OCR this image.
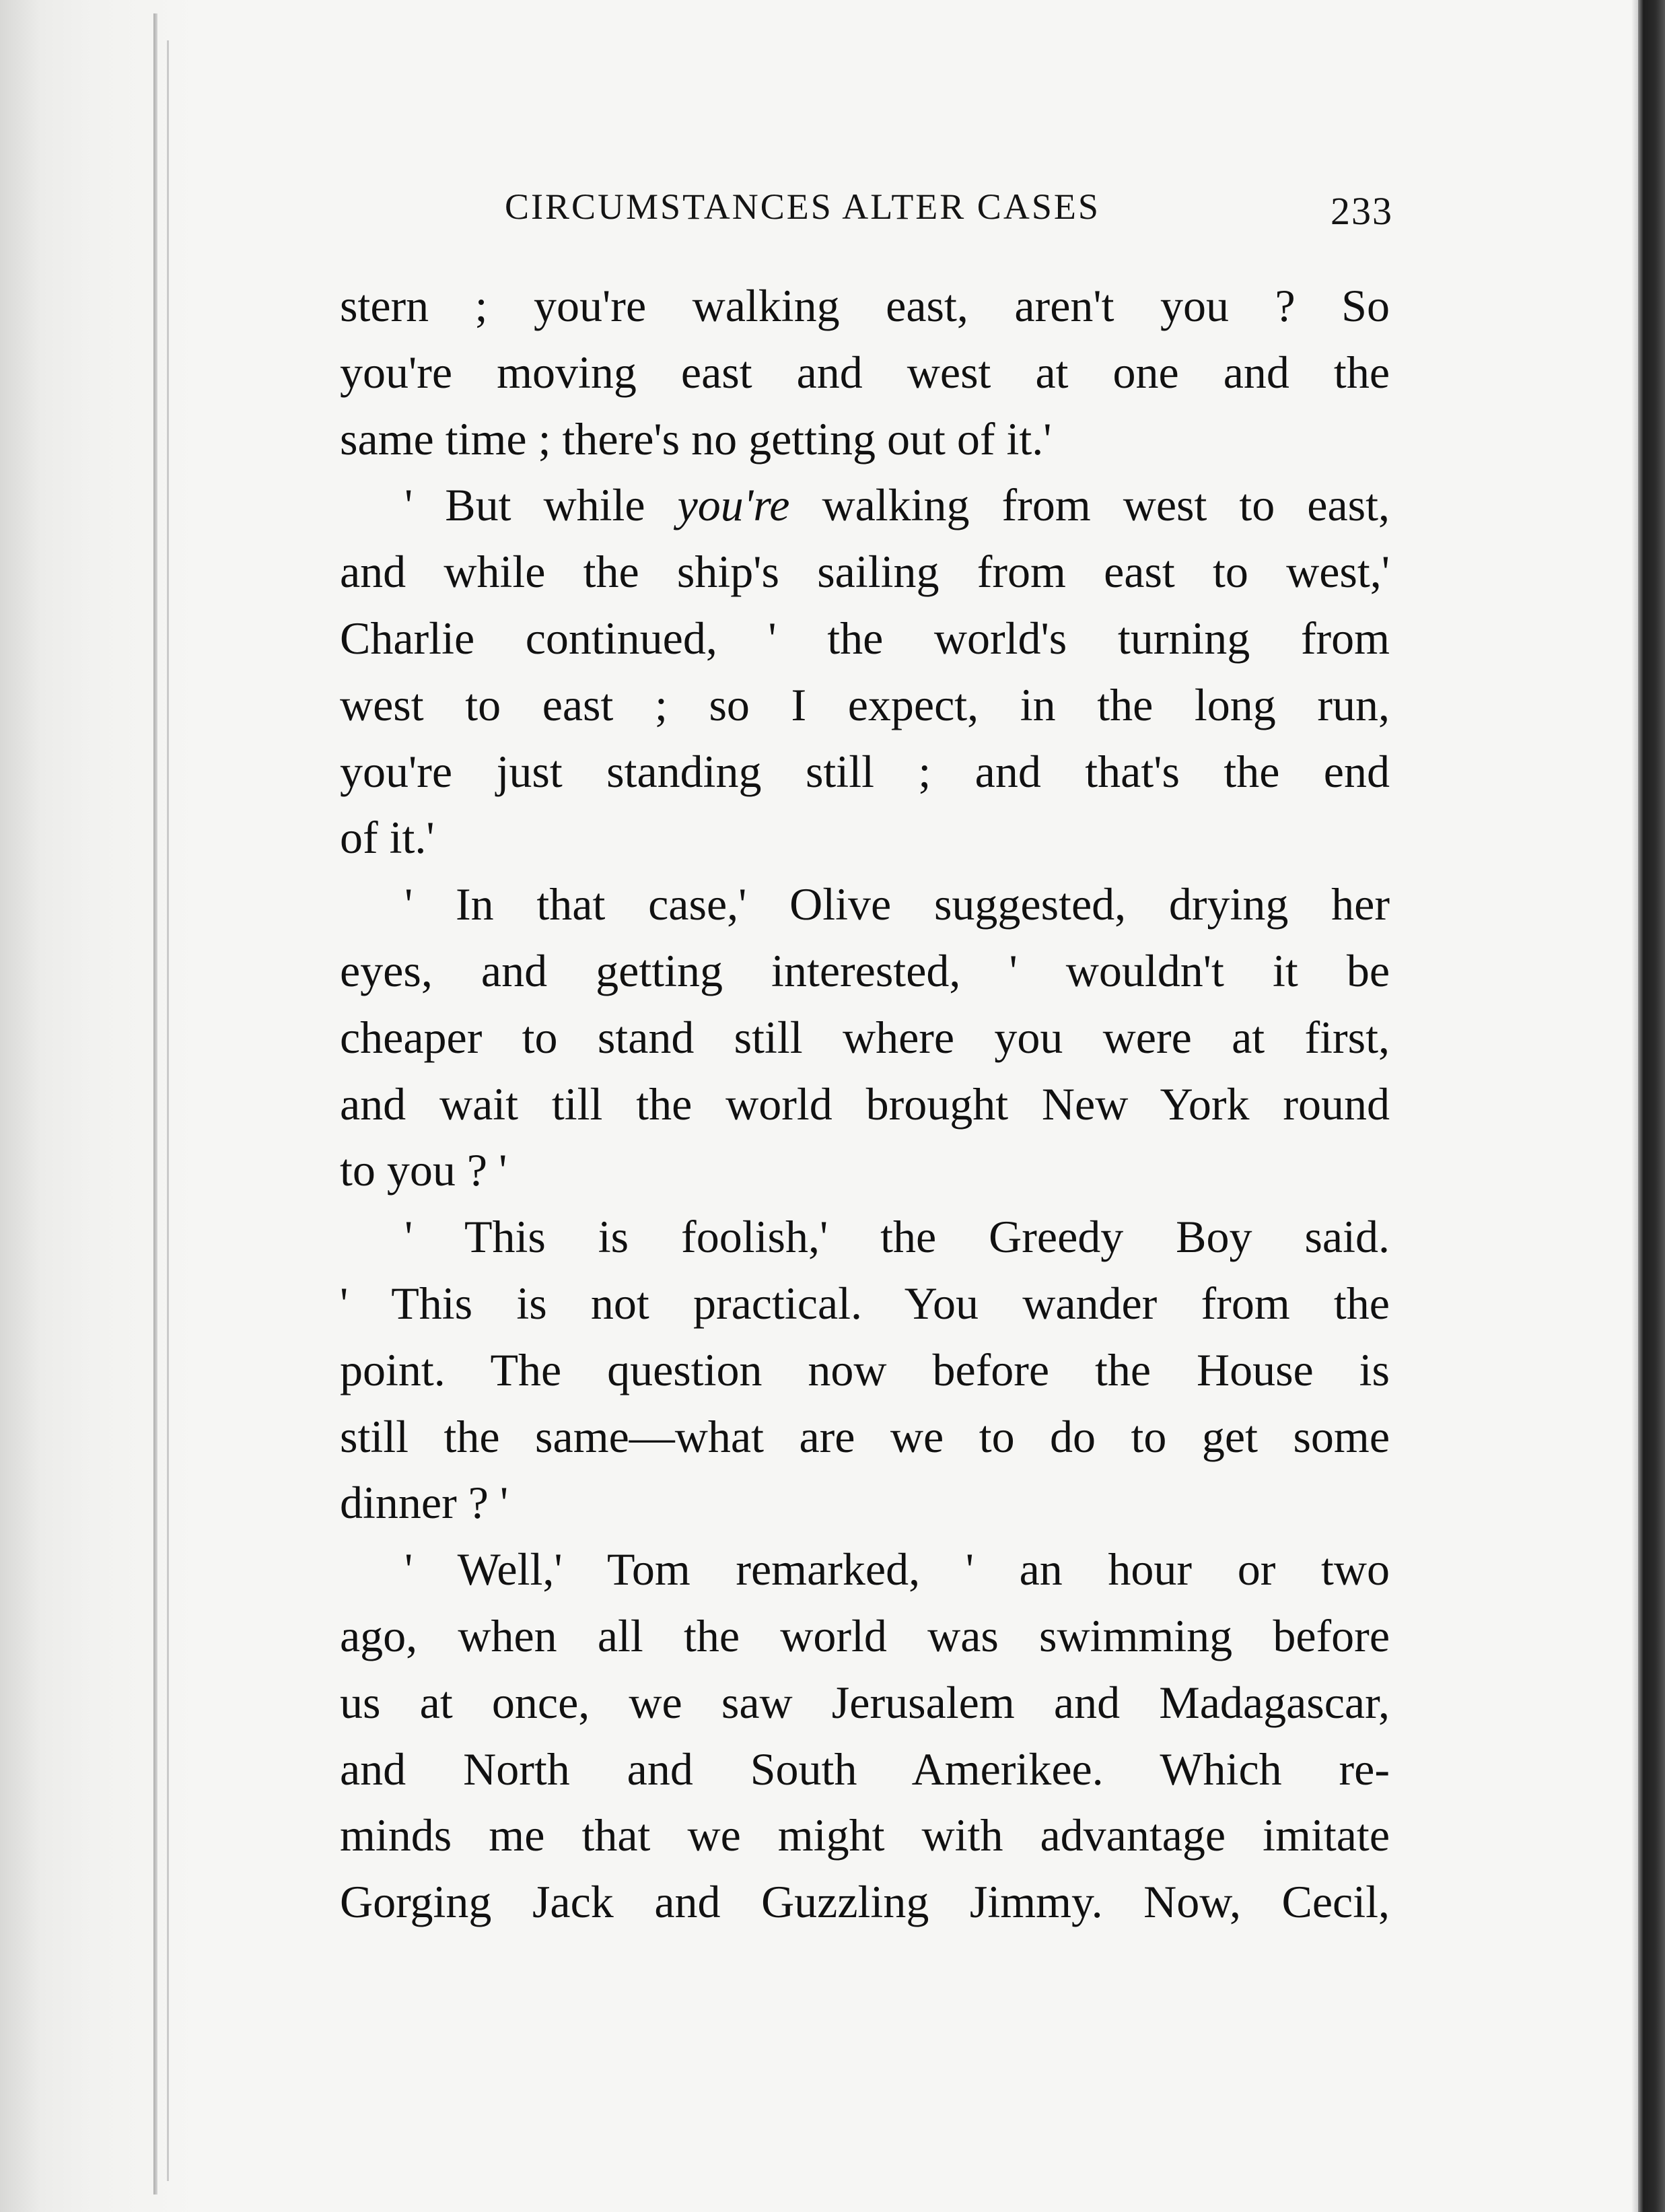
CIRCUMSTANCES ALTER CASES	233
stern ; you're walking east, aren't you ? So
you're moving east and west at one and the
same time ; there's no getting out of it.'
' But while you're walking from west to east,
and while the ship's sailing from east to west,'
Charlie continued, ' the world's turning from
west to east ; so I expect, in the long run,
you're just standing still ; and that's the end
of it.'
' In that case,' Olive suggested, drying her
eyes, and getting interested, ' wouldn't it be
cheaper to stand still where you were at first,
and wait till the world brought New York round
to you ? '
' This is foolish,' the Greedy Boy said.
' This is not practical. You wander from the
point. The question now before the House is
still the same—what are we to do to get some
dinner ? '
' Well,' Tom remarked, ' an hour or two
ago, when all the world was swimming before
us at once, we saw Jerusalem and Madagascar,
and North and South Amerikee. Which re-
minds me that we might with advantage imitate
Gorging Jack and Guzzling Jimmy. Now, Cecil,
